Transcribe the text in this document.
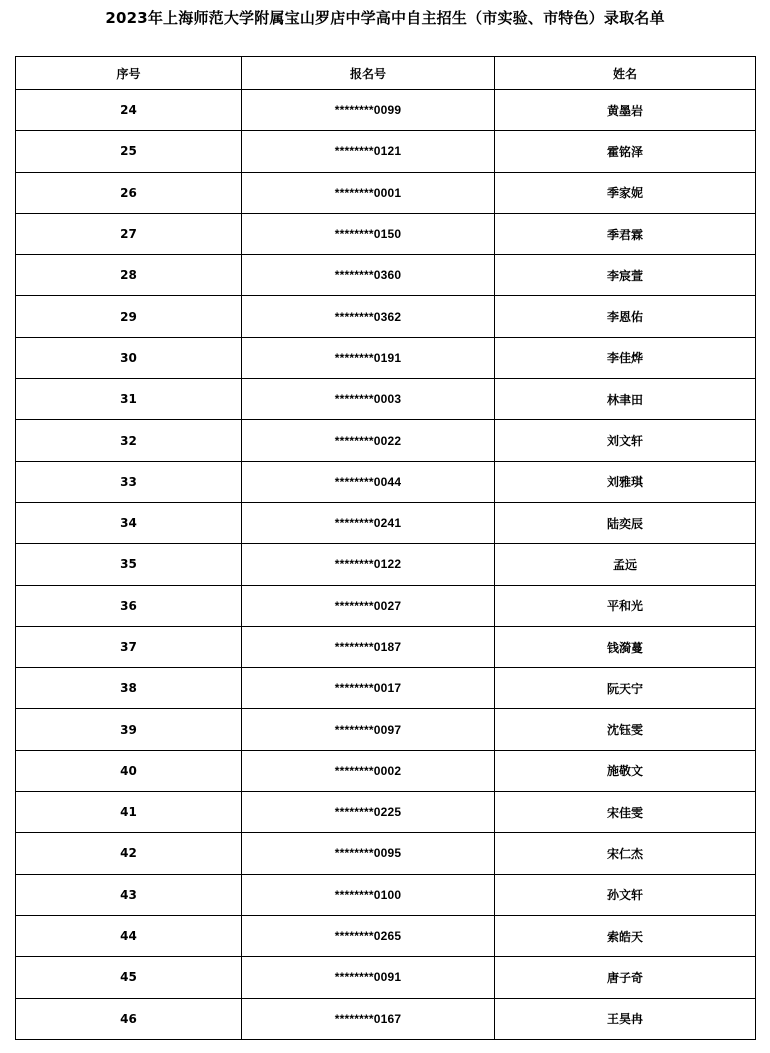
2023年上海师范大学附属宝山罗店中学高中自主招生（市实验、市特色）录取名单
序号	报名号	姓名
24	********0099	黄墨岩
25	********0121	霍铭泽
26	********0001	季家妮
27	********0150	季君霖
28	********0360	李宸萱
29	********0362	李恩佑
30	********0191	李佳烨
31	********0003	林聿田
32	********0022	刘文轩
33	********0044	刘雅琪
34	********0241	陆奕辰
35	********0122	孟远
36	********0027	平和光
37	********0187	钱漪蔓
38	********0017	阮天宁
39	********0097	沈钰雯
40	********0002	施敬文
41	********0225	宋佳雯
42	********0095	宋仁杰
43	********0100	孙文轩
44	********0265	索皓天
45	********0091	唐子奇
46	********0167	王昊冉
